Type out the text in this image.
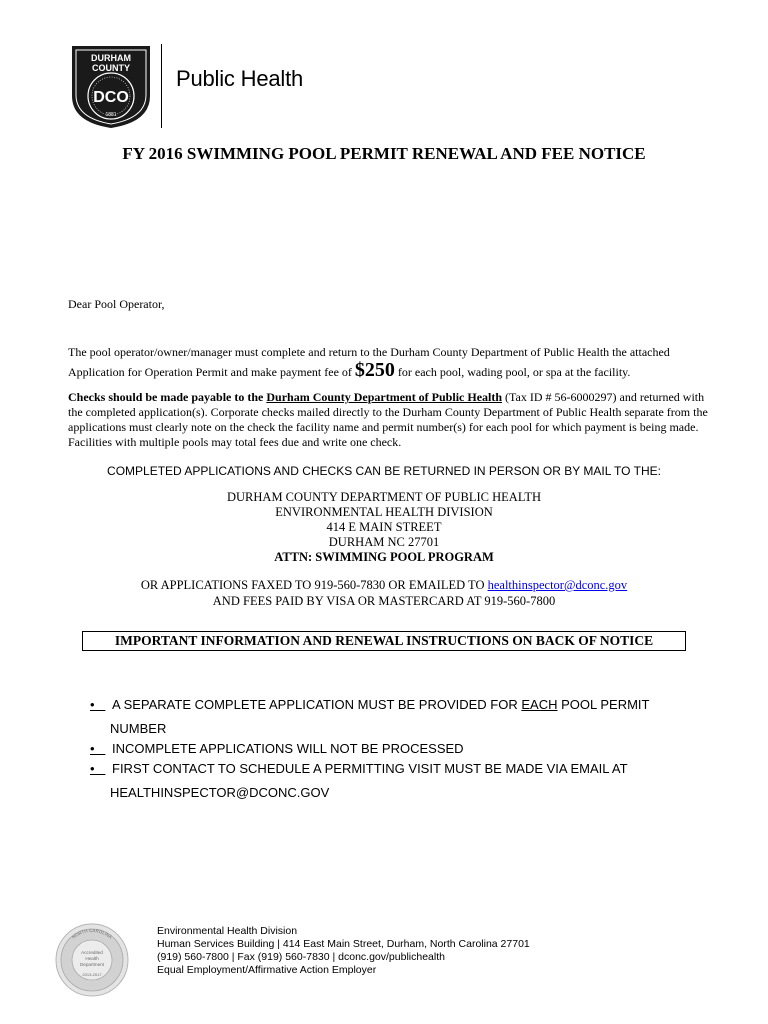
DURHAM
COUNTY
DCO
1881
Public Health
FY 2016 SWIMMING POOL PERMIT RENEWAL AND FEE NOTICE
Dear Pool Operator,
The pool operator/owner/manager must complete and return to the Durham County Department of Public Health the attached Application for Operation Permit and make payment fee of $250 for each pool, wading pool, or spa at the facility.
Checks should be made payable to the Durham County Department of Public Health (Tax ID # 56-6000297) and returned with the completed application(s). Corporate checks mailed directly to the Durham County Department of Public Health separate from the applications must clearly note on the check the facility name and permit number(s) for each pool for which payment is being made. Facilities with multiple pools may total fees due and write one check.
COMPLETED APPLICATIONS AND CHECKS CAN BE RETURNED IN PERSON OR BY MAIL TO THE:
DURHAM COUNTY DEPARTMENT OF PUBLIC HEALTH
ENVIRONMENTAL HEALTH DIVISION
414 E MAIN STREET
DURHAM NC 27701
ATTN: SWIMMING POOL PROGRAM
OR APPLICATIONS FAXED TO 919-560-7830 OR EMAILED TO healthinspector@dconc.gov
AND FEES PAID BY VISA OR MASTERCARD AT 919-560-7800
IMPORTANT INFORMATION AND RENEWAL INSTRUCTIONS ON BACK OF NOTICE
• A SEPARATE COMPLETE APPLICATION MUST BE PROVIDED FOR EACH POOL PERMIT
NUMBER
• INCOMPLETE APPLICATIONS WILL NOT BE PROCESSED
• FIRST CONTACT TO SCHEDULE A PERMITTING VISIT MUST BE MADE VIA EMAIL AT
HEALTHINSPECTOR@DCONC.GOV
NORTH CAROLINA
Accredited
Health
Department
2013-2017
Environmental Health Division
Human Services Building | 414 East Main Street, Durham, North Carolina 27701
(919) 560-7800 | Fax (919) 560-7830 | dconc.gov/publichealth
Equal Employment/Affirmative Action Employer
